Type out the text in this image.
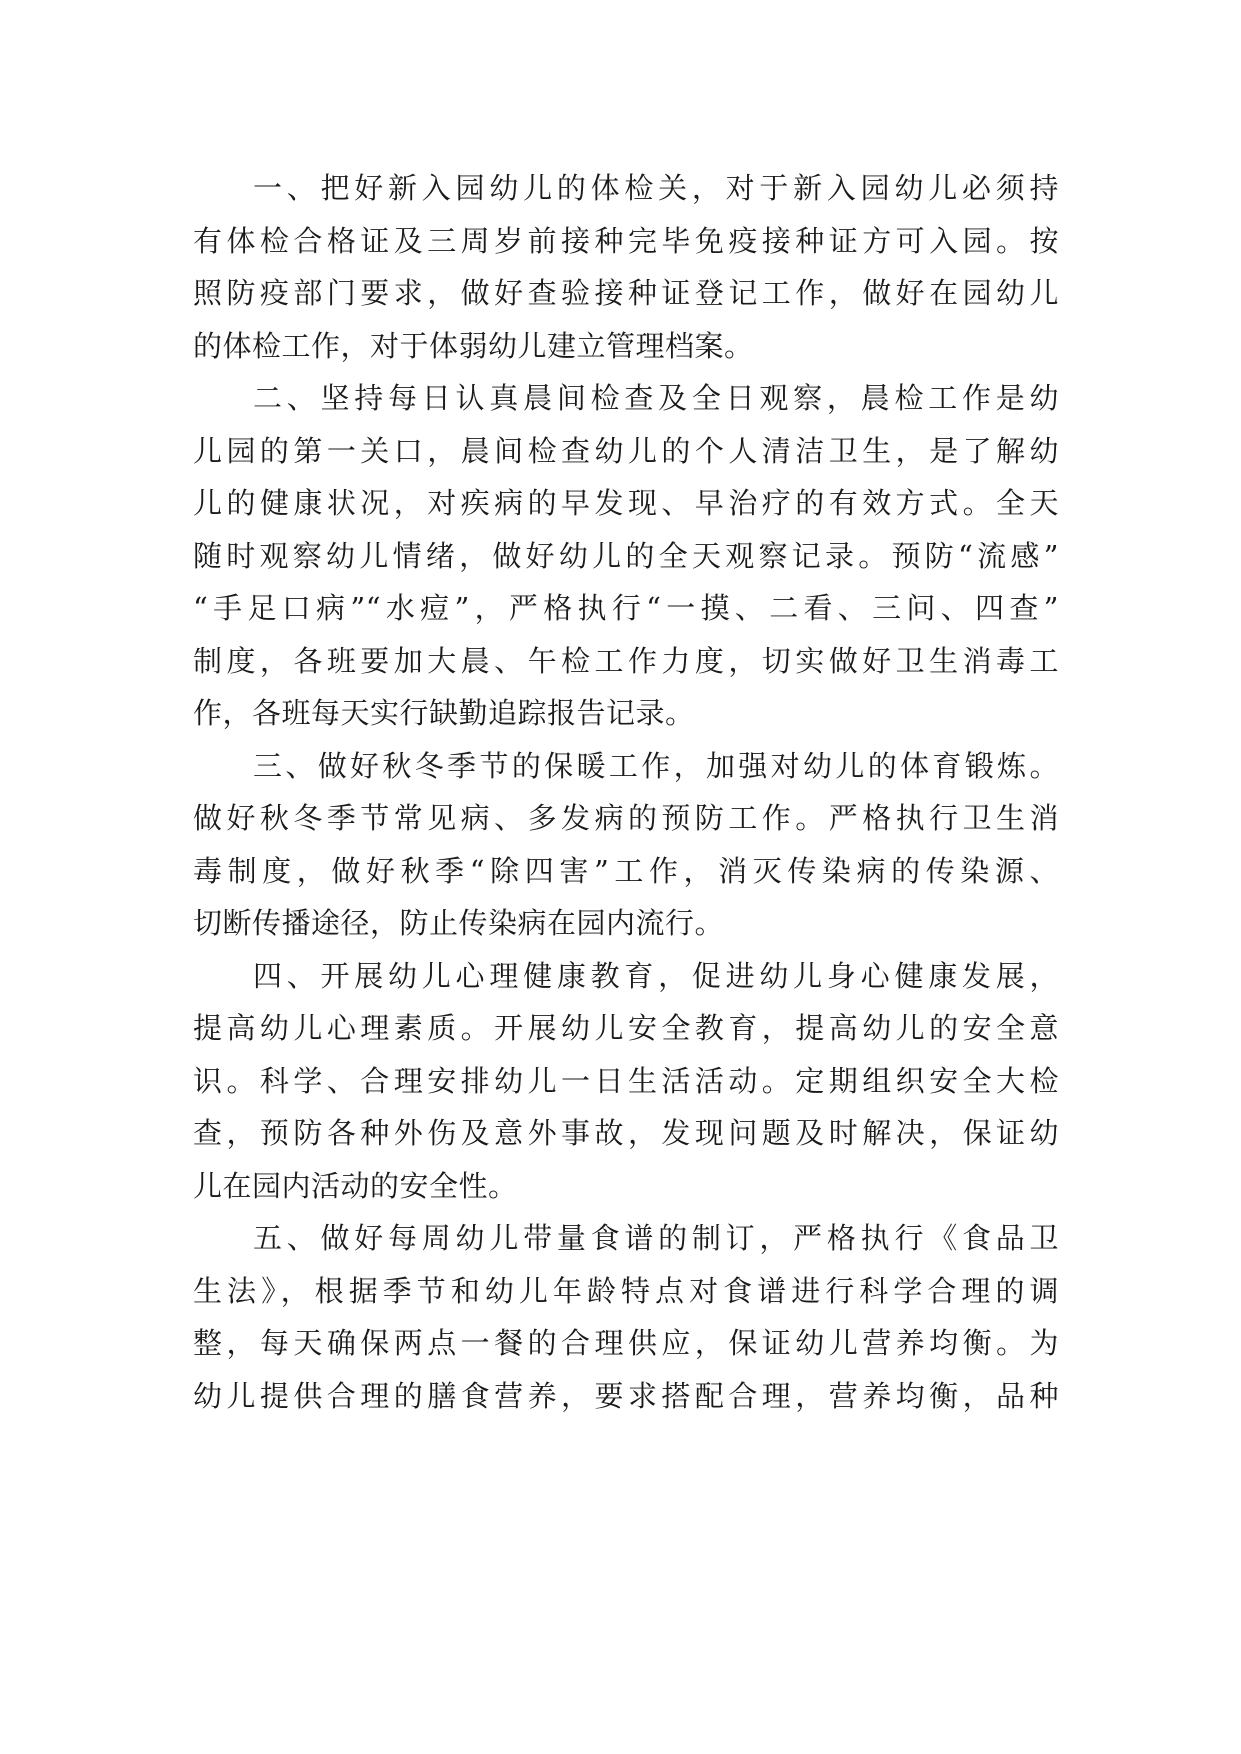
一、把好新入园幼儿的体检关，对于新入园幼儿必须持
有体检合格证及三周岁前接种完毕免疫接种证方可入园。按
照防疫部门要求，做好查验接种证登记工作，做好在园幼儿
的体检工作，对于体弱幼儿建立管理档案。
二、坚持每日认真晨间检查及全日观察，晨检工作是幼
儿园的第一关口，晨间检查幼儿的个人清洁卫生，是了解幼
儿的健康状况，对疾病的早发现、早治疗的有效方式。全天
随时观察幼儿情绪，做好幼儿的全天观察记录。预防“流感”
“手足口病”“水痘”，严格执行“一摸、二看、三问、四查”
制度，各班要加大晨、午检工作力度，切实做好卫生消毒工
作，各班每天实行缺勤追踪报告记录。
三、做好秋冬季节的保暖工作，加强对幼儿的体育锻炼。
做好秋冬季节常见病、多发病的预防工作。严格执行卫生消
毒制度，做好秋季“除四害”工作，消灭传染病的传染源、
切断传播途径，防止传染病在园内流行。
四、开展幼儿心理健康教育，促进幼儿身心健康发展，
提高幼儿心理素质。开展幼儿安全教育，提高幼儿的安全意
识。科学、合理安排幼儿一日生活活动。定期组织安全大检
查，预防各种外伤及意外事故，发现问题及时解决，保证幼
儿在园内活动的安全性。
五、做好每周幼儿带量食谱的制订，严格执行《食品卫
生法》，根据季节和幼儿年龄特点对食谱进行科学合理的调
整，每天确保两点一餐的合理供应，保证幼儿营养均衡。为
幼儿提供合理的膳食营养，要求搭配合理，营养均衡，品种
